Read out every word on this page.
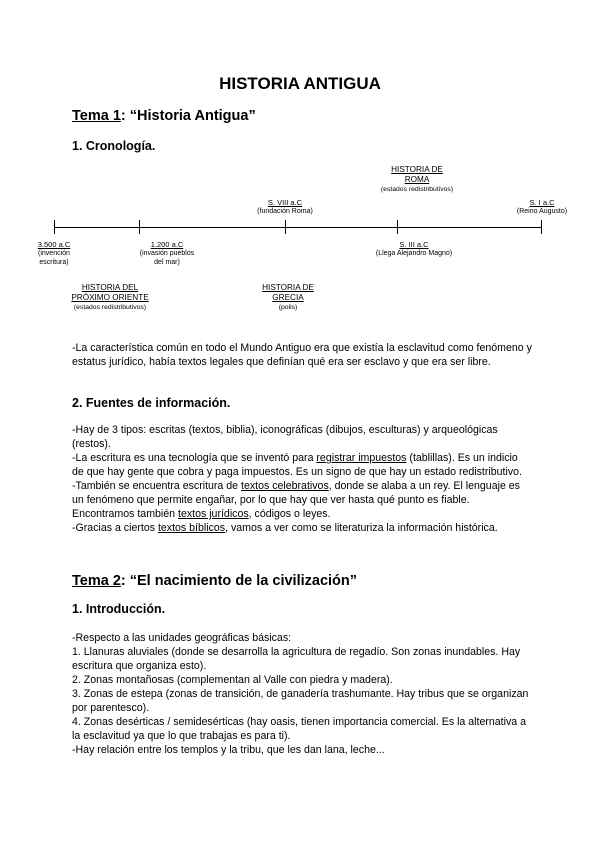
HISTORIA ANTIGUA
Tema 1: “Historia Antigua”
1. Cronología.
HISTORIA DE
ROMA
(estados redistributivos)
S. VIII a.C
(fundación Roma)
S. I a.C
(Reino Augusto)
3.500 a.C
(invención
escritura)
1.200 a.C
(invasión pueblos
del mar)
S. III a.C
(Llega Alejandro Magno)
HISTORIA DEL
PRÓXIMO ORIENTE
(estados redistributivos)
HISTORIA DE
GRECIA
(polis)

-La característica común en todo el Mundo Antiguo era que existía la esclavitud como fenómeno y estatus jurídico, había textos legales que definían qué era ser esclavo y que era ser libre.

2. Fuentes de información.

-Hay de 3 tipos: escritas (textos, biblia), iconográficas (dibujos, esculturas) y arqueológicas (restos).

-La escritura es una tecnología que se inventó para registrar impuestos (tablillas). Es un indicio de que hay gente que cobra y paga impuestos. Es un signo de que hay un estado redistributivo.

-También se encuentra escritura de textos celebrativos, donde se alaba a un rey. El lenguaje es un fenómeno que permite engañar, por lo que hay que ver hasta qué punto es fiable. Encontramos también textos jurídicos, códigos o leyes.

-Gracias a ciertos textos bíblicos, vamos a ver como se literaturiza la información histórica.

Tema 2: “El nacimiento de la civilización”
1. Introducción.

-Respecto a las unidades geográficas básicas:

1. Llanuras aluviales (donde se desarrolla la agricultura de regadío. Son zonas inundables. Hay escritura que organiza esto).

2. Zonas montañosas (complementan al Valle con piedra y madera).

3. Zonas de estepa (zonas de transición, de ganadería trashumante. Hay tribus que se organizan por parentesco).

4. Zonas desérticas / semidesérticas (hay oasis, tienen importancia comercial. Es la alternativa a la esclavitud ya que lo que trabajas es para ti).

-Hay relación entre los templos y la tribu, que les dan lana, leche...
